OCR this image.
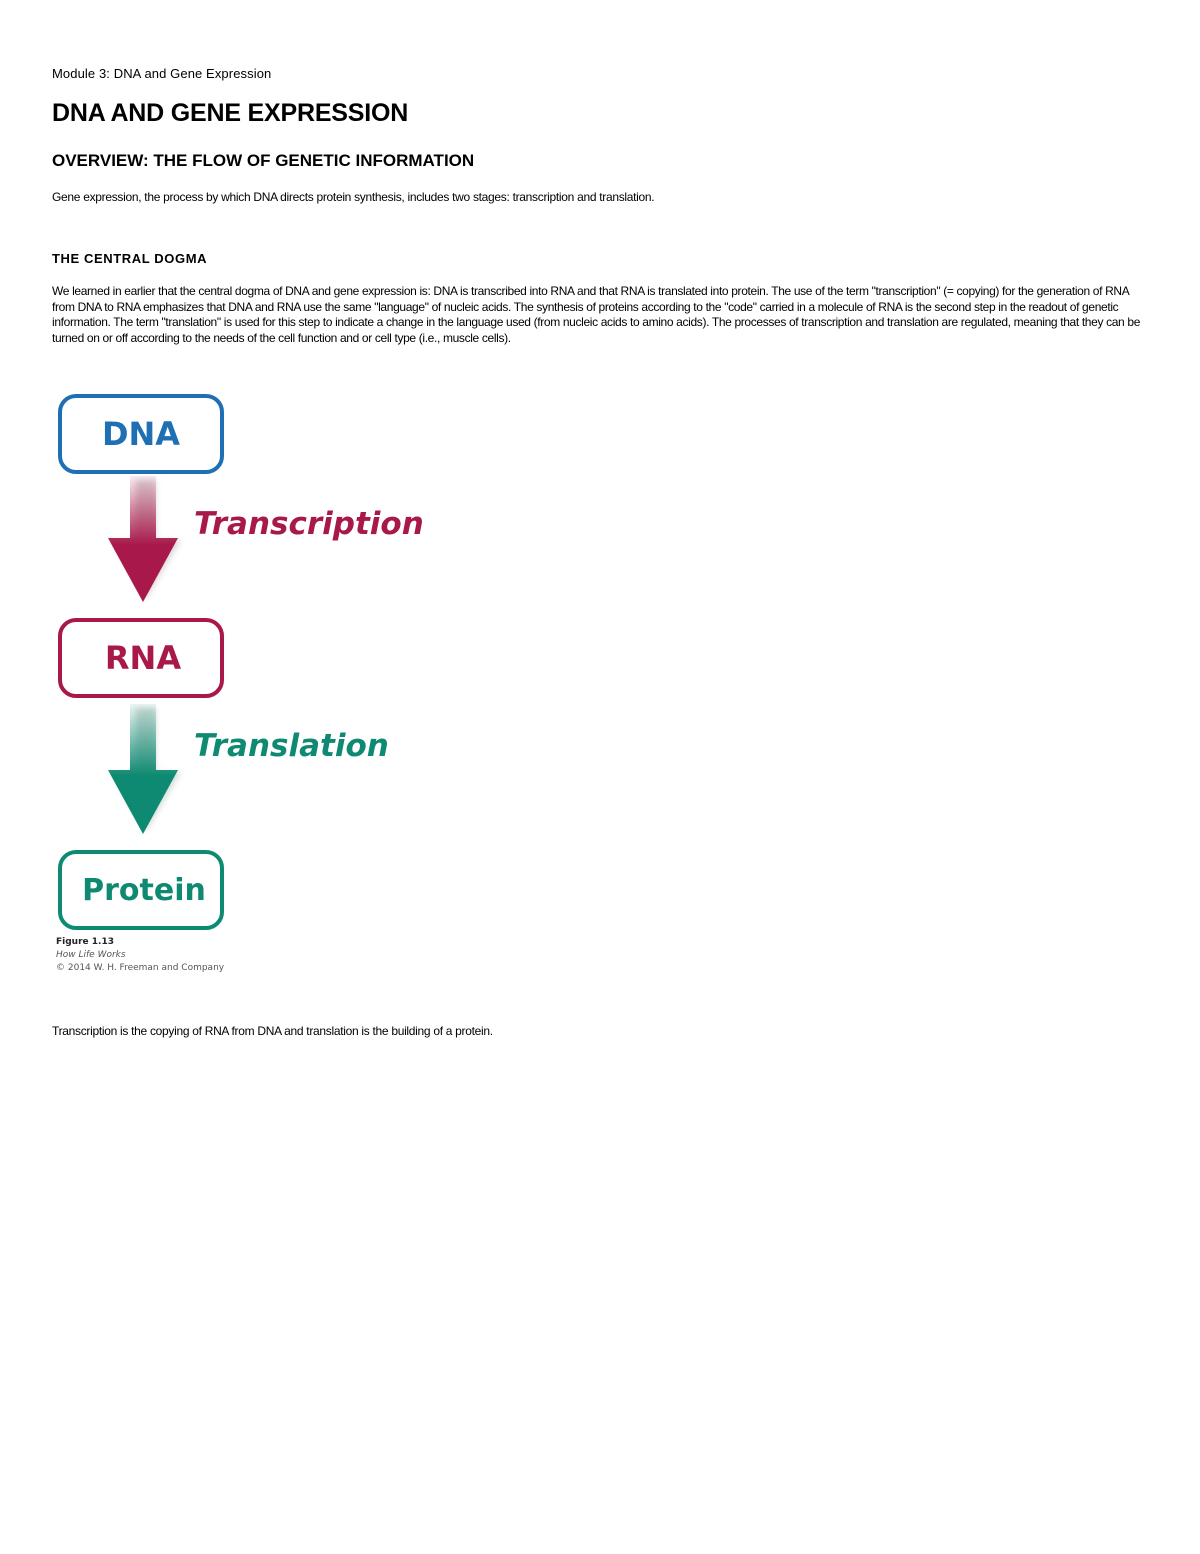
Module 3: DNA and Gene Expression
DNA AND GENE EXPRESSION
OVERVIEW: THE FLOW OF GENETIC INFORMATION

Gene expression, the process by which DNA directs protein synthesis, includes two stages: transcription and translation.

THE CENTRAL DOGMA

We learned in earlier that the central dogma of DNA and gene expression is: DNA is transcribed into RNA and that RNA is translated into protein. The use of the term "transcription" (= copying) for the generation of RNA from DNA to RNA emphasizes that DNA and RNA use the same "language" of nucleic acids. The synthesis of proteins according to the "code" carried in a molecule of RNA is the second step in the readout of genetic information. The term "translation" is used for this step to indicate a change in the language used (from nucleic acids to amino acids). The processes of transcription and translation are regulated, meaning that they can be turned on or off according to the needs of the cell function and or cell type (i.e., muscle cells).

DNA
Transcription
RNA
Translation
Protein
Figure 1.13
How Life Works
© 2014 W. H. Freeman and Company

Transcription is the copying of RNA from DNA and translation is the building of a protein.
